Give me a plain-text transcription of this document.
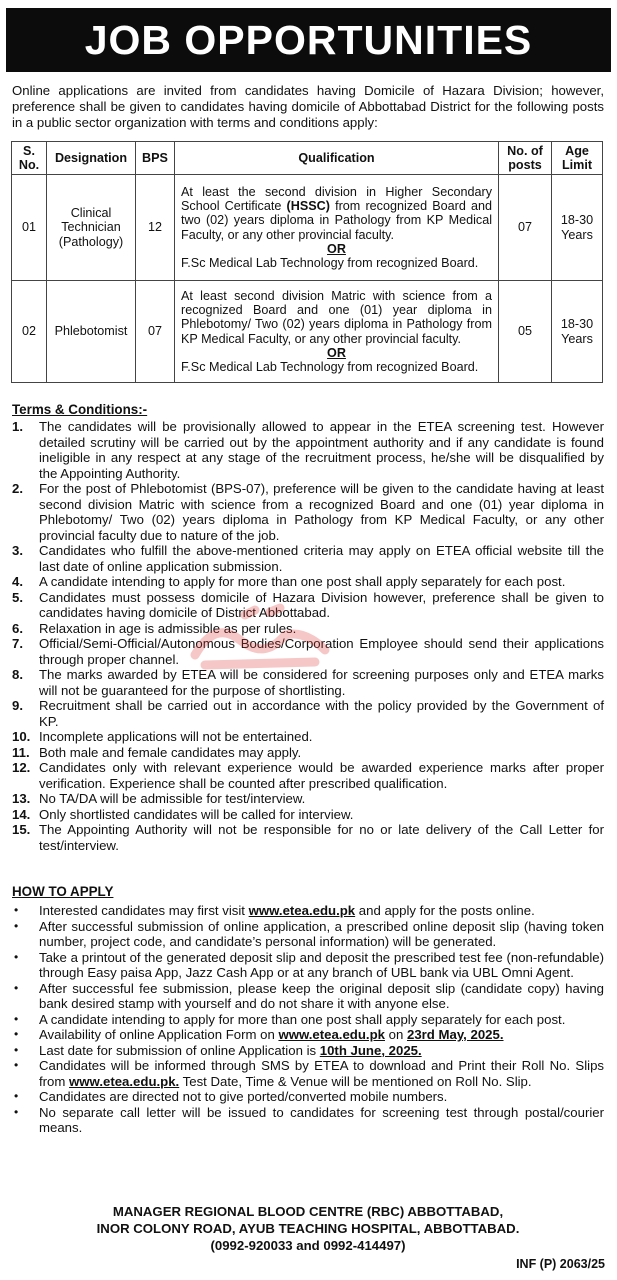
JOB OPPORTUNITIES
Online applications are invited from candidates having Domicile of Hazara Division; however, preference shall be given to candidates having domicile of Abbottabad District for the following posts in a public sector organization with terms and conditions apply:
S. No.	Designation	BPS	Qualification	No. of posts	Age Limit
01	Clinical Technician (Pathology)	12	At least the second division in Higher Secondary School Certificate (HSSC) from recognized Board and two (02) years diploma in Pathology from KP Medical Faculty, or any other provincial faculty.
OR
F.Sc Medical Lab Technology from recognized Board.	07	18-30 Years
02	Phlebotomist	07	At least second division Matric with science from a recognized Board and one (01) year diploma in Phlebotomy/ Two (02) years diploma in Pathology from KP Medical Faculty, or any other provincial faculty.
OR
F.Sc Medical Lab Technology from recognized Board.	05	18-30 Years
Terms & Conditions:-
1. The candidates will be provisionally allowed to appear in the ETEA screening test. However detailed scrutiny will be carried out by the appointment authority and if any candidate is found ineligible in any respect at any stage of the recruitment process, he/she will be disqualified by the Appointing Authority.
2. For the post of Phlebotomist (BPS-07), preference will be given to the candidate having at least second division Matric with science from a recognized Board and one (01) year diploma in Phlebotomy/ Two (02) years diploma in Pathology from KP Medical Faculty, or any other provincial faculty due to nature of the job.
3. Candidates who fulfill the above-mentioned criteria may apply on ETEA official website till the last date of online application submission.
4. A candidate intending to apply for more than one post shall apply separately for each post.
5. Candidates must possess domicile of Hazara Division however, preference shall be given to candidates having domicile of District Abbottabad.
6. Relaxation in age is admissible as per rules.
7. Official/Semi-Official/Autonomous Bodies/Corporation Employee should send their applications through proper channel.
8. The marks awarded by ETEA will be considered for screening purposes only and ETEA marks will not be guaranteed for the purpose of shortlisting.
9. Recruitment shall be carried out in accordance with the policy provided by the Government of KP.
10. Incomplete applications will not be entertained.
11. Both male and female candidates may apply.
12. Candidates only with relevant experience would be awarded experience marks after proper verification. Experience shall be counted after prescribed qualification.
13. No TA/DA will be admissible for test/interview.
14. Only shortlisted candidates will be called for interview.
15. The Appointing Authority will not be responsible for no or late delivery of the Call Letter for test/interview.
HOW TO APPLY
• Interested candidates may first visit www.etea.edu.pk and apply for the posts online.
• After successful submission of online application, a prescribed online deposit slip (having token number, project code, and candidate’s personal information) will be generated.
• Take a printout of the generated deposit slip and deposit the prescribed test fee (non-refundable) through Easy paisa App, Jazz Cash App or at any branch of UBL bank via UBL Omni Agent.
• After successful fee submission, please keep the original deposit slip (candidate copy) having bank desired stamp with yourself and do not share it with anyone else.
• A candidate intending to apply for more than one post shall apply separately for each post.
• Availability of online Application Form on www.etea.edu.pk on 23rd May, 2025.
• Last date for submission of online Application is 10th June, 2025.
• Candidates will be informed through SMS by ETEA to download and Print their Roll No. Slips from www.etea.edu.pk. Test Date, Time & Venue will be mentioned on Roll No. Slip.
• Candidates are directed not to give ported/converted mobile numbers.
• No separate call letter will be issued to candidates for screening test through postal/courier means.
MANAGER REGIONAL BLOOD CENTRE (RBC) ABBOTTABAD,
INOR COLONY ROAD, AYUB TEACHING HOSPITAL, ABBOTTABAD.
(0992-920033 and 0992-414497)
INF (P) 2063/25
